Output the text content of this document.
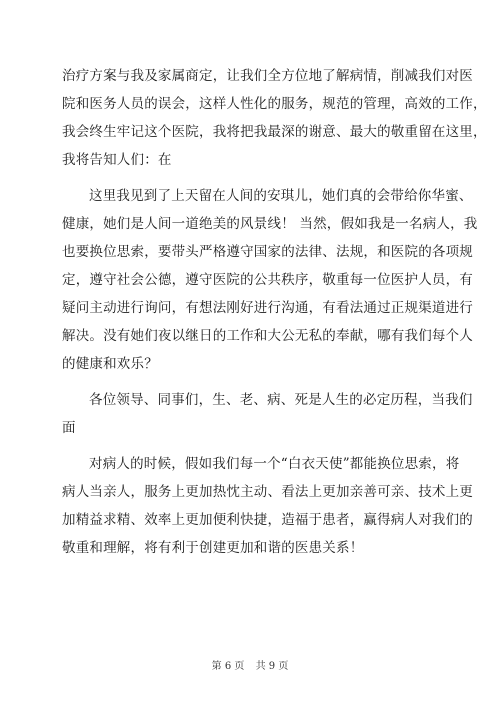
治疗方案与我及家属商定，让我们全方位地了解病情，削减我们对医
院和医务人员的误会，这样人性化的服务，规范的管理，高效的工作，
我会终生牢记这个医院，我将把我最深的谢意、最大的敬重留在这里，
我将告知人们：在
这里我见到了上天留在人间的安琪儿，她们真的会带给你华蜜、
健康，她们是人间一道绝美的风景线！ 当然，假如我是一名病人，我
也要换位思索，要带头严格遵守国家的法律、法规，和医院的各项规
定，遵守社会公德，遵守医院的公共秩序，敬重每一位医护人员，有
疑问主动进行询问，有想法刚好进行沟通，有看法通过正规渠道进行
解决。没有她们夜以继日的工作和大公无私的奉献，哪有我们每个人
的健康和欢乐？
各位领导、同事们，生、老、病、死是人生的必定历程，当我们
面
对病人的时候，假如我们每一个“白衣天使”都能换位思索，将
病人当亲人，服务上更加热忱主动、看法上更加亲善可亲、技术上更
加精益求精、效率上更加便利快捷，造福于患者，赢得病人对我们的
敬重和理解，将有利于创建更加和谐的医患关系！
第 6 页 共 9 页
